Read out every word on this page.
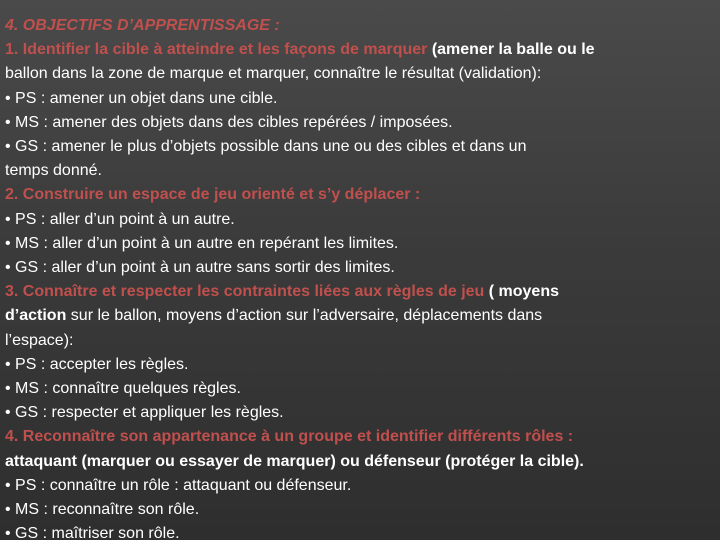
4. OBJECTIFS D’APPRENTISSAGE :
1. Identifier la cible à atteindre et les façons de marquer (amener la balle ou le
ballon dans la zone de marque et marquer, connaître le résultat (validation):
• PS : amener un objet dans une cible.
• MS : amener des objets dans des cibles repérées / imposées.
• GS : amener le plus d’objets possible dans une ou des cibles et dans un
temps donné.
2. Construire un espace de jeu orienté et s’y déplacer :
• PS : aller d’un point à un autre.
• MS : aller d’un point à un autre en repérant les limites.
• GS : aller d’un point à un autre sans sortir des limites.
3. Connaître et respecter les contraintes liées aux règles de jeu ( moyens
d’action sur le ballon, moyens d’action sur l’adversaire, déplacements dans
l’espace):
• PS : accepter les règles.
• MS : connaître quelques règles.
• GS : respecter et appliquer les règles.
4. Reconnaître son appartenance à un groupe et identifier différents rôles :
attaquant (marquer ou essayer de marquer) ou défenseur (protéger la cible).
• PS : connaître un rôle : attaquant ou défenseur.
• MS : reconnaître son rôle.
• GS : maîtriser son rôle.
